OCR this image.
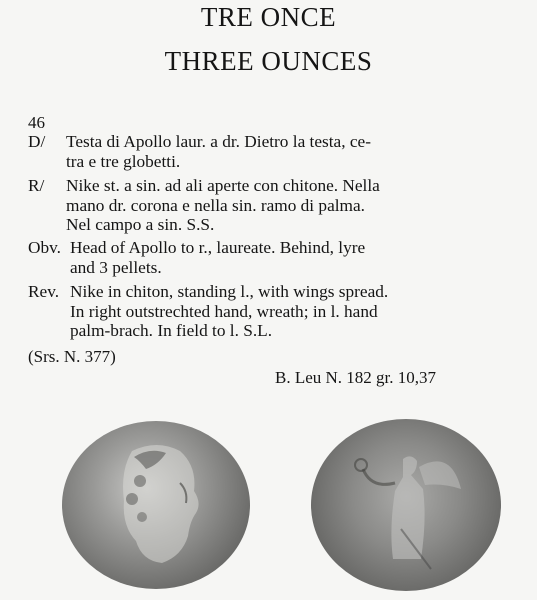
TRE ONCE
THREE OUNCES
46
D/ Testa di Apollo laur. a dr. Dietro la testa, ce-
tra e tre globetti.
R/ Nike st. a sin. ad ali aperte con chitone. Nella
mano dr. corona e nella sin. ramo di palma.
Nel campo a sin. S.S.
Obv. Head of Apollo to r., laureate. Behind, lyre
and 3 pellets.
Rev. Nike in chiton, standing l., with wings spread.
In right outstrechted hand, wreath; in l. hand
palm-brach. In field to l. S.L.
(Srs. N. 377)
B. Leu N. 182 gr. 10,37
